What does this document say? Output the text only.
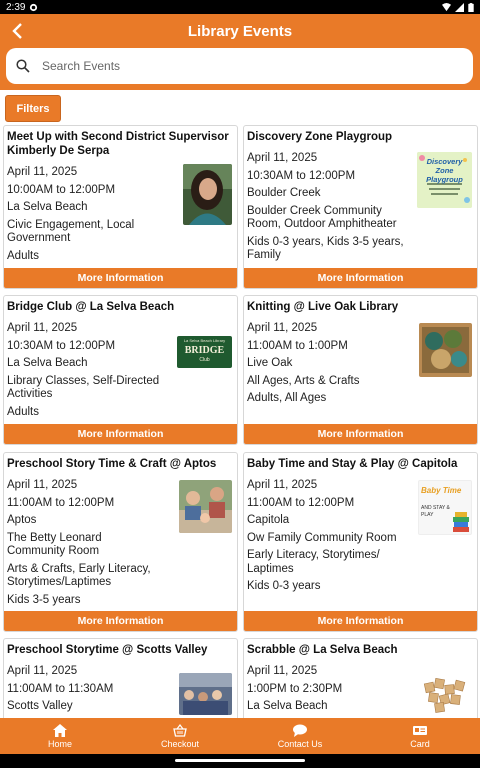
2:39
Library Events
Search Events
Filters
Meet Up with Second District Supervisor Kimberly De Serpa
April 11, 2025
10:00AM to 12:00PM
La Selva Beach
Civic Engagement, Local Government
Adults
More Information
Discovery Zone Playgroup
April 11, 2025
10:30AM to 12:00PM
Boulder Creek
Boulder Creek Community Room, Outdoor Amphitheater
Kids 0-3 years, Kids 3-5 years, Family
Discovery Zone Playgroup
More Information
Bridge Club @ La Selva Beach
April 11, 2025
10:30AM to 12:00PM
La Selva Beach
Library Classes, Self-Directed Activities
Adults
La Selva Beach Library
BRIDGE
Club
More Information
Knitting @ Live Oak Library
April 11, 2025
11:00AM to 1:00PM
Live Oak
All Ages, Arts & Crafts
Adults, All Ages
More Information
Preschool Story Time & Craft @ Aptos
April 11, 2025
11:00AM to 12:00PM
Aptos
The Betty Leonard Community Room
Arts & Crafts, Early Literacy, Storytimes/Laptimes
Kids 3-5 years
More Information
Baby Time and Stay & Play @ Capitola
April 11, 2025
11:00AM to 12:00PM
Capitola
Ow Family Community Room
Early Literacy, Storytimes/ Laptimes
Kids 0-3 years
Baby Time
AND STAY & PLAY
More Information
Preschool Storytime @ Scotts Valley
April 11, 2025
11:00AM to 11:30AM
Scotts Valley
Scrabble @ La Selva Beach
April 11, 2025
1:00PM to 2:30PM
La Selva Beach
Home	Checkout	Contact Us	Card
